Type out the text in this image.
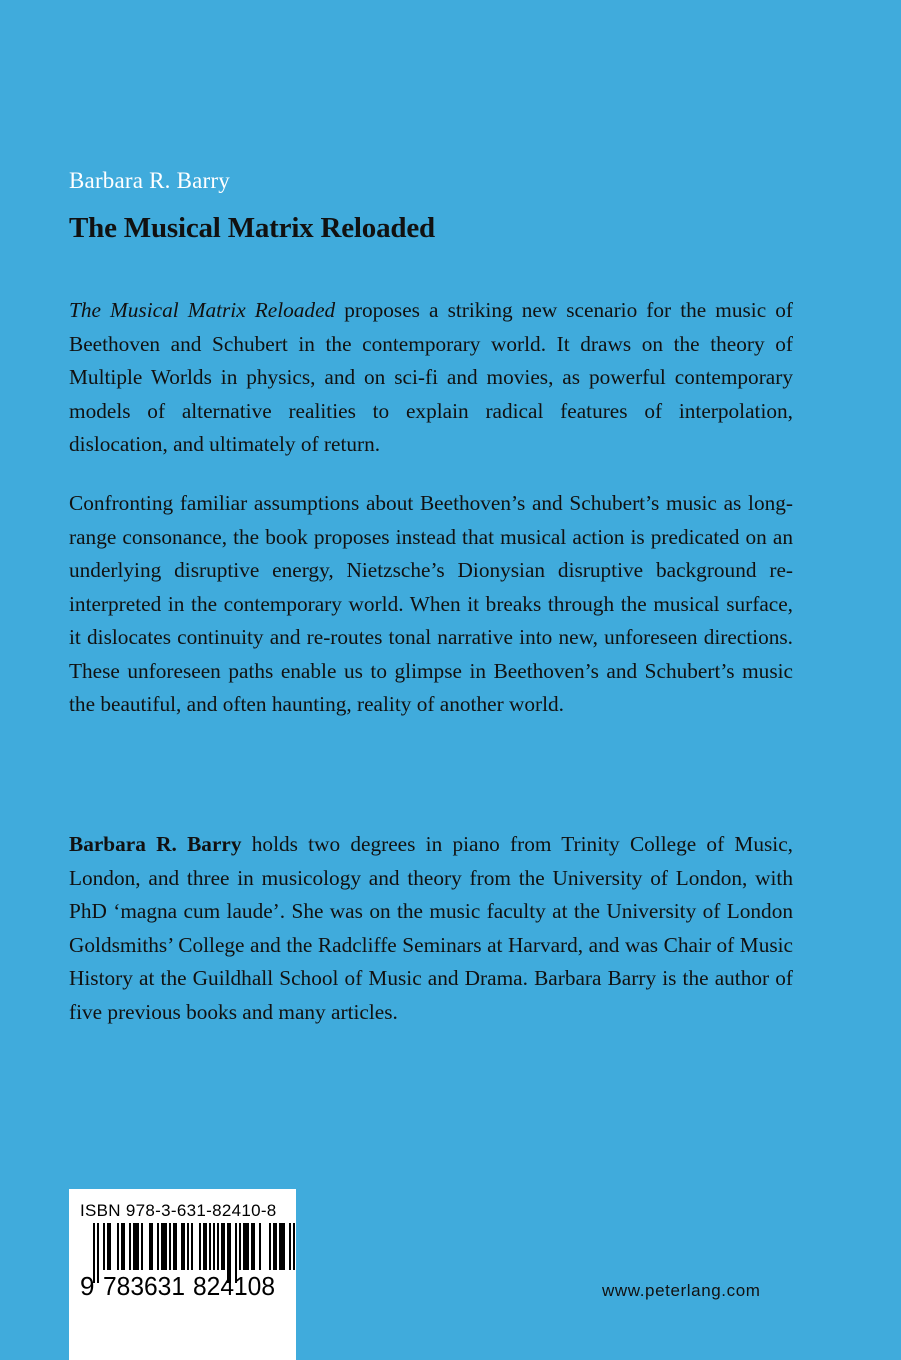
Barbara R. Barry
The Musical Matrix Reloaded
The Musical Matrix Reloaded proposes a striking new scenario for the music of Beethoven and Schubert in the contemporary world. It draws on the theory of Multiple Worlds in physics, and on sci-fi and movies, as powerful contemporary models of alternative realities to explain radical features of interpolation, dislocation, and ultimately of return.
Confronting familiar assumptions about Beethoven’s and Schubert’s music as long-range consonance, the book proposes instead that musical action is predicated on an underlying disruptive energy, Nietzsche’s Dionysian disruptive background re-interpreted in the contemporary world. When it breaks through the musical surface, it dislocates continuity and re-routes tonal narrative into new, unforeseen directions. These unforeseen paths enable us to glimpse in Beethoven’s and Schubert’s music the beautiful, and often haunting, reality of another world.
Barbara R. Barry holds two degrees in piano from Trinity College of Music, London, and three in musicology and theory from the University of London, with PhD ‘magna cum laude’. She was on the music faculty at the University of London Goldsmiths’ College and the Radcliffe Seminars at Harvard, and was Chair of Music History at the Guildhall School of Music and Drama. Barbara Barry is the author of five previous books and many articles.
ISBN 978-3-631-82410-8
9 783631 824108	www.peterlang.com
